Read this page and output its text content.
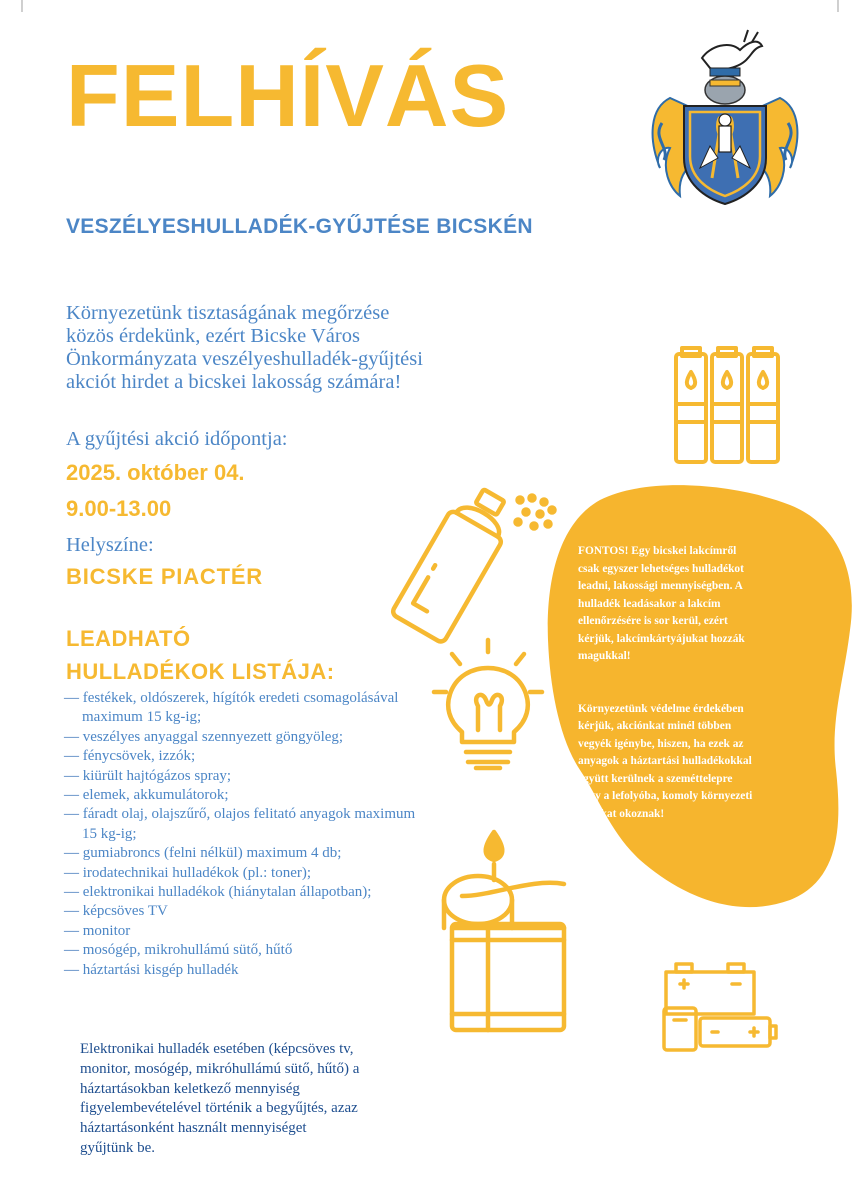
FELHÍVÁS
VESZÉLYESHULLADÉK-GYŰJTÉSE BICSKÉN
Környezetünk tisztaságának megőrzése
közös érdekünk, ezért Bicske Város
Önkormányzata veszélyeshulladék-gyűjtési
akciót hirdet a bicskei lakosság számára!
A gyűjtési akció időpontja:
2025. október 04.
9.00-13.00
Helyszíne:
BICSKE PIACTÉR
LEADHATÓ
HULLADÉKOK LISTÁJA:
— festékek, oldószerek, hígítók eredeti csomagolásával maximum 15 kg-ig;
— veszélyes anyaggal szennyezett göngyöleg;
— fénycsövek, izzók;
— kiürült hajtógázos spray;
— elemek, akkumulátorok;
— fáradt olaj, olajszűrő, olajos felitató anyagok maximum 15 kg-ig;
— gumiabroncs (felni nélkül) maximum 4 db;
— irodatechnikai hulladékok (pl.: toner);
— elektronikai hulladékok (hiánytalan állapotban);
— képcsöves TV
— monitor
— mosógép, mikrohullámú sütő, hűtő
— háztartási kisgép hulladék
Elektronikai hulladék esetében (képcsöves tv,
monitor, mosógép, mikróhullámú sütő, hűtő) a
háztartásokban keletkező mennyiség
figyelembevételével történik a begyűjtés, azaz
háztartásonként használt mennyiséget
gyűjtünk be.

FONTOS! Egy bicskei lakcímről

csak egyszer lehetséges hulladékot

leadni, lakossági mennyiségben. A

hulladék leadásakor a lakcím

ellenőrzésére is sor kerül, ezért

kérjük, lakcímkártyájukat hozzák

magukkal!

Környezetünk védelme érdekében

kérjük, akciónkat minél többen

vegyék igénybe, hiszen, ha ezek az

anyagok a háztartási hulladékokkal

együtt kerülnek a szeméttelepre

vagy a lefolyóba, komoly környezeti

károkat okoznak!
